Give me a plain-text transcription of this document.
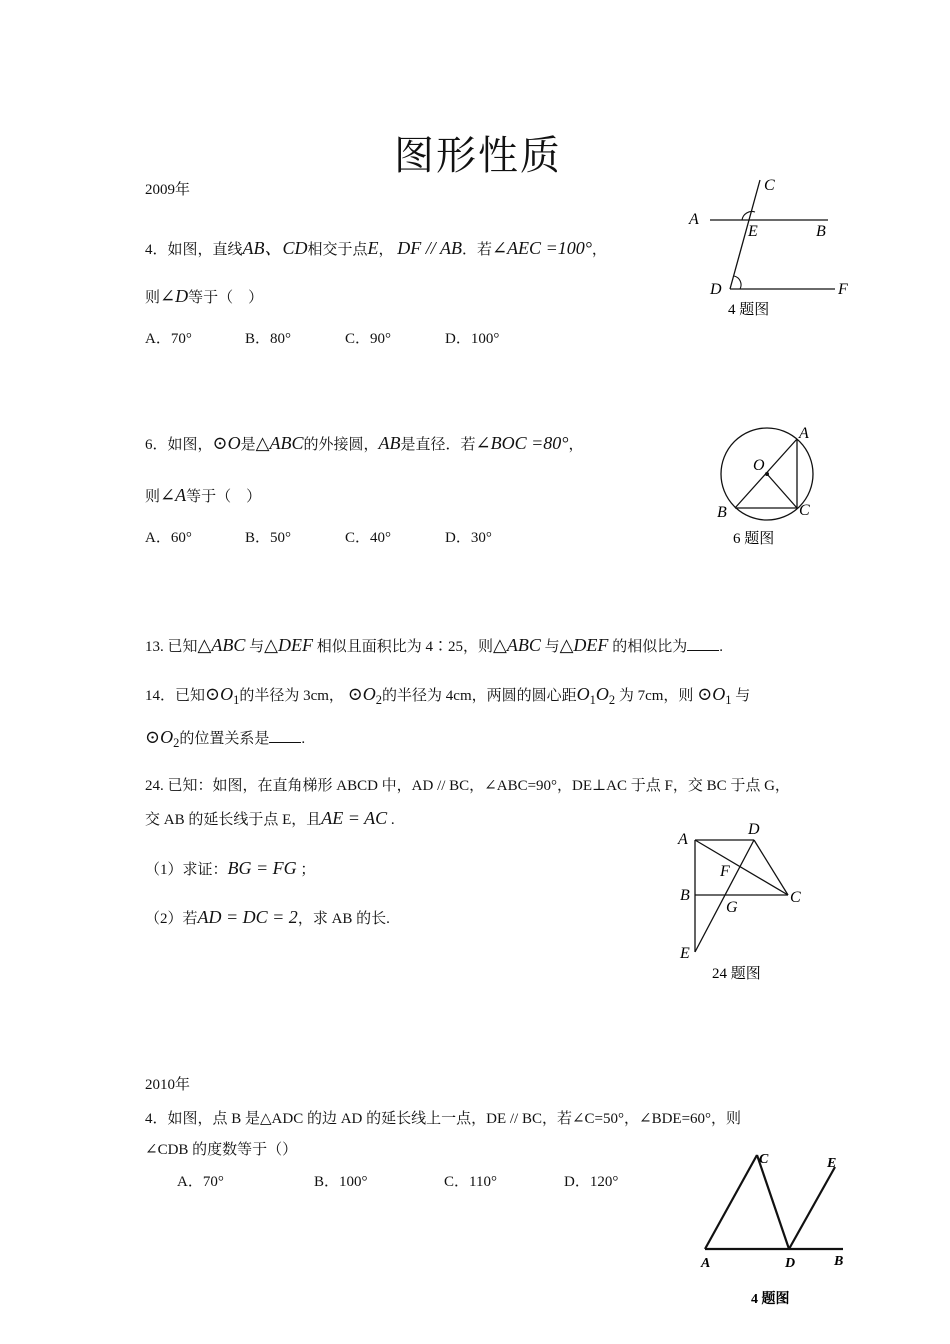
图形性质
2009年
4．如图，直线AB、CD相交于点E， DF // AB．若∠AEC =100°，
则∠D等于（　）
A．70°	B．80°	C．90°	D．100°
A
B
C
D
E
F
4 题图
6．如图，⊙O是△ABC的外接圆，AB是直径．若∠BOC =80°，
则∠A等于（　）
A．60°	B．50°	C．40°	D．30°
A
B	C
O
6 题图
13. 已知△ABC 与△DEF 相似且面积比为 4∶25，则△ABC 与△DEF 的相似比为 .
14．已知$⊙O_1$的半径为 3cm， $⊙O_2$的半径为 4cm，两圆的圆心距$O_1O_2$ 为 7cm，则 $⊙O_1$ 与
$⊙O_2$的位置关系是 .
24. 已知：如图，在直角梯形 ABCD 中，AD // BC，∠ABC=90°，DE⊥AC 于点 F，交 BC 于点 G，
交 AB 的延长线于点 E，且AE = AC .
（1）求证：BG = FG ；
（2）若AD = DC = 2，求 AB 的长.
A
B	C
D
E
F
G
24 题图
2010年
4．如图，点 B 是△ADC 的边 AD 的延长线上一点，DE // BC，若∠C=50°，∠BDE=60°，则
∠CDB 的度数等于（）
A．70°	B．100°	C．110°	D．120°
A	B
C
D
E
4 题图
